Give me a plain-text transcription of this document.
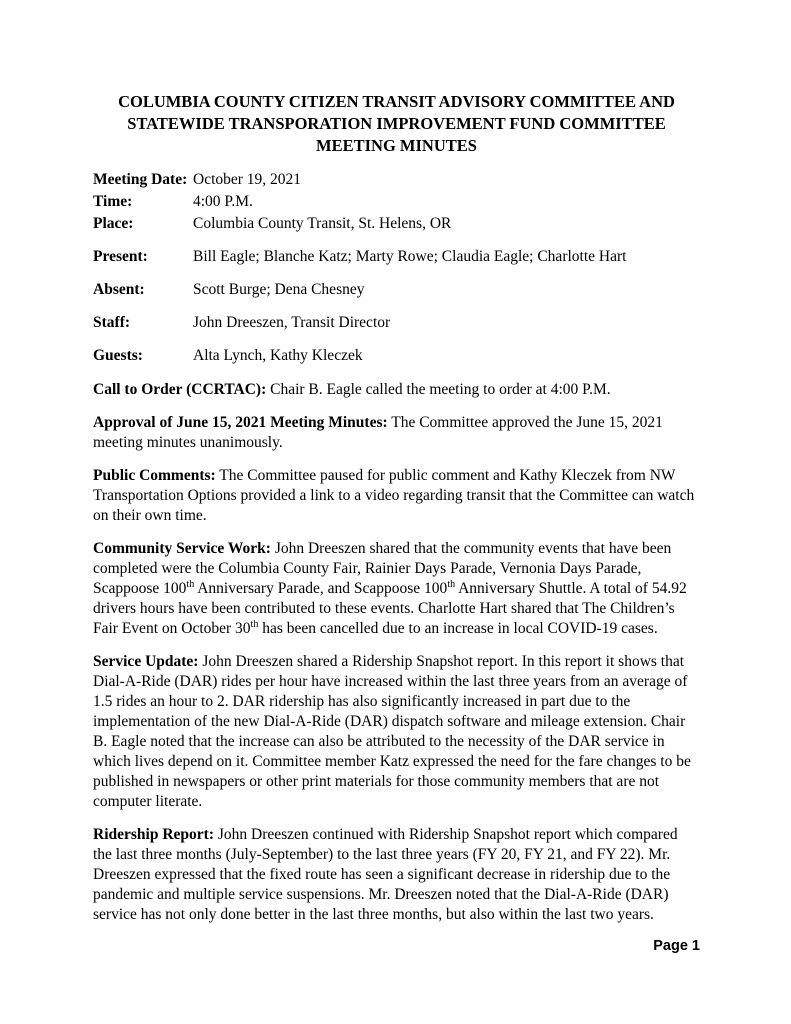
COLUMBIA COUNTY CITIZEN TRANSIT ADVISORY COMMITTEE AND
STATEWIDE TRANSPORATION IMPROVEMENT FUND COMMITTEE
MEETING MINUTES
Meeting Date: October 19, 2021
Time:	4:00 P.M.
Place:	Columbia County Transit, St. Helens, OR
Present:	Bill Eagle; Blanche Katz; Marty Rowe; Claudia Eagle; Charlotte Hart
Absent:	Scott Burge; Dena Chesney
Staff:	John Dreeszen, Transit Director
Guests:	Alta Lynch, Kathy Kleczek

Call to Order (CCRTAC): Chair B. Eagle called the meeting to order at 4:00 P.M.

Approval of June 15, 2021 Meeting Minutes: The Committee approved the June 15, 2021 meeting minutes unanimously.

Public Comments: The Committee paused for public comment and Kathy Kleczek from NW Transportation Options provided a link to a video regarding transit that the Committee can watch on their own time.

Community Service Work: John Dreeszen shared that the community events that have been completed were the Columbia County Fair, Rainier Days Parade, Vernonia Days Parade, Scappoose 100th Anniversary Parade, and Scappoose 100th Anniversary Shuttle. A total of 54.92 drivers hours have been contributed to these events. Charlotte Hart shared that The Children’s Fair Event on October 30th has been cancelled due to an increase in local COVID-19 cases.

Service Update: John Dreeszen shared a Ridership Snapshot report. In this report it shows that Dial-A-Ride (DAR) rides per hour have increased within the last three years from an average of 1.5 rides an hour to 2. DAR ridership has also significantly increased in part due to the implementation of the new Dial-A-Ride (DAR) dispatch software and mileage extension. Chair B. Eagle noted that the increase can also be attributed to the necessity of the DAR service in which lives depend on it. Committee member Katz expressed the need for the fare changes to be published in newspapers or other print materials for those community members that are not computer literate.

Ridership Report: John Dreeszen continued with Ridership Snapshot report which compared the last three months (July-September) to the last three years (FY 20, FY 21, and FY 22). Mr. Dreeszen expressed that the fixed route has seen a significant decrease in ridership due to the pandemic and multiple service suspensions. Mr. Dreeszen noted that the Dial-A-Ride (DAR) service has not only done better in the last three months, but also within the last two years.

Page 1
